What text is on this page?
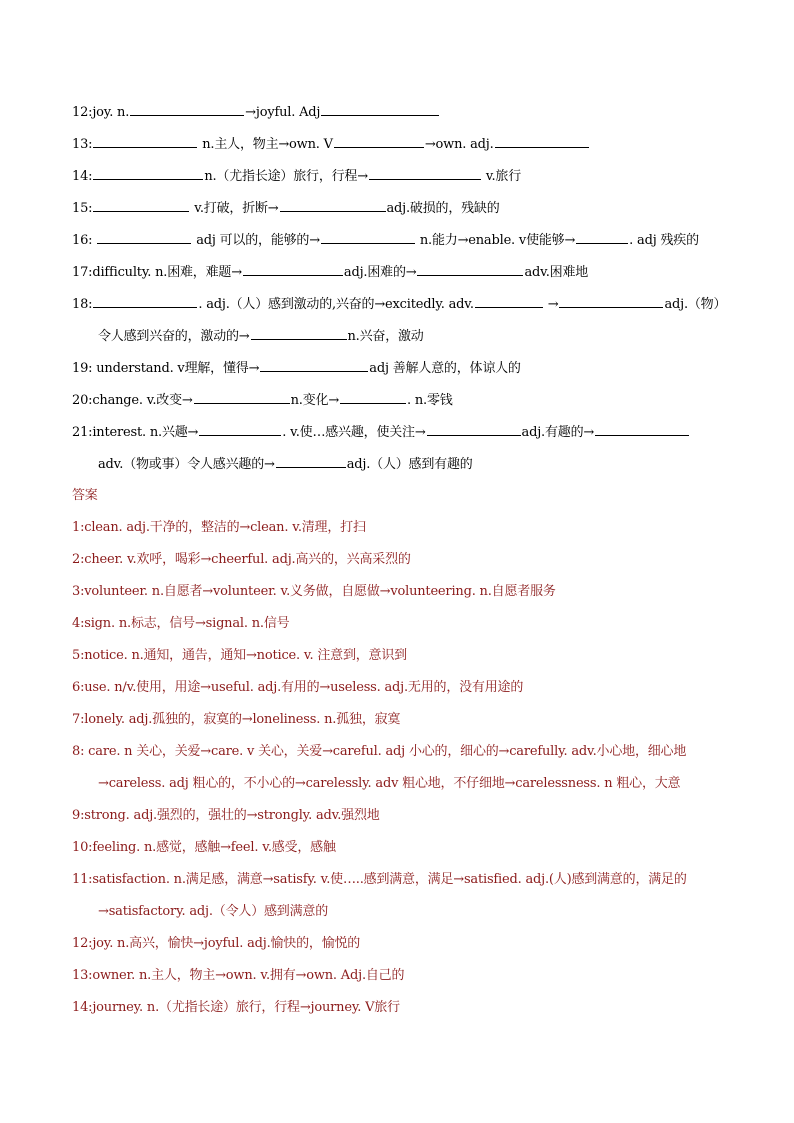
12:joy. n.	→joyful. Adj
13:	n.主人，物主→own. V	→own. adj.
14:	n.（尤指长途）旅行，行程→	v.旅行
15:	v.打破，折断→	adj.破损的，残缺的
16:	adj 可以的，能够的→	n.能力→enable. v使能够→	. adj 残疾的
17:difficulty. n.困难，难题→	adj.困难的→	adv.困难地
18:	. adj.（人）感到激动的,兴奋的→excitedly. adv.	→	adj.（物）
令人感到兴奋的，激动的→	n.兴奋，激动
19: understand. v理解，懂得→	adj 善解人意的，体谅人的
20:change. v.改变→	n.变化→	. n.零钱
21:interest. n.兴趣→	. v.使…感兴趣，使关注→	adj.有趣的→
adv.（物或事）令人感兴趣的→	adj.（人）感到有趣的
答案
1:clean. adj.干净的，整洁的→clean. v.清理，打扫
2:cheer. v.欢呼，喝彩→cheerful. adj.高兴的，兴高采烈的
3:volunteer. n.自愿者→volunteer. v.义务做，自愿做→volunteering. n.自愿者服务
4:sign. n.标志，信号→signal. n.信号
5:notice. n.通知，通告，通知→notice. v. 注意到，意识到
6:use. n/v.使用，用途→useful. adj.有用的→useless. adj.无用的，没有用途的
7:lonely. adj.孤独的，寂寞的→loneliness. n.孤独，寂寞
8: care. n 关心，关爱→care. v 关心，关爱→careful. adj 小心的，细心的→carefully. adv.小心地，细心地
→careless. adj 粗心的，不小心的→carelessly. adv 粗心地，不仔细地→carelessness. n 粗心，大意
9:strong. adj.强烈的，强壮的→strongly. adv.强烈地
10:feeling. n.感觉，感触→feel. v.感受，感触
11:satisfaction. n.满足感，满意→satisfy. v.使…..感到满意，满足→satisfied. adj.(人)感到满意的，满足的
→satisfactory. adj.（令人）感到满意的
12:joy. n.高兴，愉快→joyful. adj.愉快的，愉悦的
13:owner. n.主人，物主→own. v.拥有→own. Adj.自己的
14:journey. n.（尤指长途）旅行，行程→journey. V旅行
